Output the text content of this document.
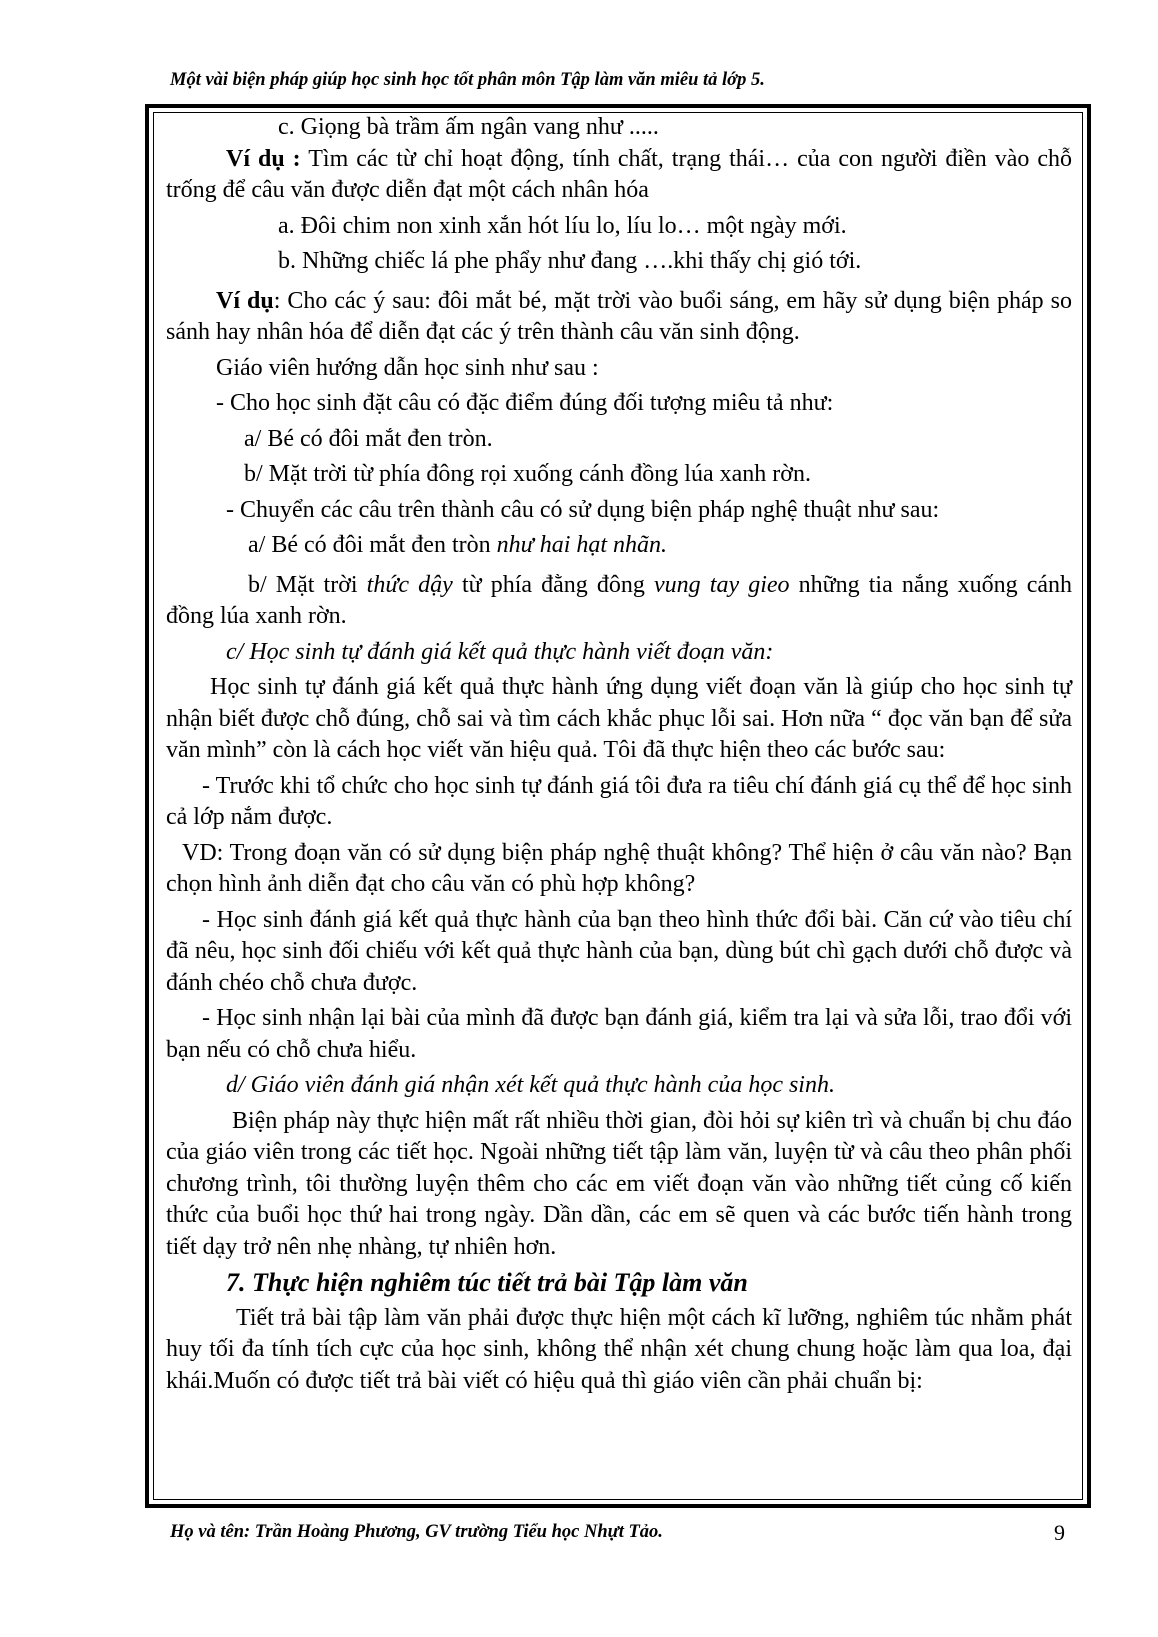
Một vài biện pháp giúp học sinh học tốt phân môn Tập làm văn miêu tả lớp 5.

c. Giọng bà trầm ấm ngân vang như .....

Ví dụ : Tìm các từ chỉ hoạt động, tính chất, trạng thái… của con người điền vào chỗ trống để câu văn được diễn đạt một cách nhân hóa

a. Đôi chim non xinh xắn hót líu lo, líu lo… một ngày mới.

b. Những chiếc lá phe phẩy như đang ….khi thấy chị gió tới.

Ví dụ: Cho các ý sau: đôi mắt bé, mặt trời vào buổi sáng, em hãy sử dụng biện pháp so sánh hay nhân hóa để diễn đạt các ý trên thành câu văn sinh động.

Giáo viên hướng dẫn học sinh như sau :

- Cho học sinh đặt câu có đặc điểm đúng đối tượng miêu tả như:

a/ Bé có đôi mắt đen tròn.

b/ Mặt trời từ phía đông rọi xuống cánh đồng lúa xanh rờn.

- Chuyển các câu trên thành câu có sử dụng biện pháp nghệ thuật như sau:

a/ Bé có đôi mắt đen tròn như hai hạt nhãn.

b/ Mặt trời thức dậy từ phía đằng đông vung tay gieo những tia nắng xuống cánh đồng lúa xanh rờn.

c/ Học sinh tự đánh giá kết quả thực hành viết đoạn văn:

Học sinh tự đánh giá kết quả thực hành ứng dụng viết đoạn văn là giúp cho học sinh tự nhận biết được chỗ đúng, chỗ sai và tìm cách khắc phục lỗi sai. Hơn nữa “ đọc văn bạn để sửa văn mình” còn là cách học viết văn hiệu quả. Tôi đã thực hiện theo các bước sau:

- Trước khi tổ chức cho học sinh tự đánh giá tôi đưa ra tiêu chí đánh giá cụ thể để học sinh cả lớp nắm được.

VD: Trong đoạn văn có sử dụng biện pháp nghệ thuật không? Thể hiện ở câu văn nào? Bạn chọn hình ảnh diễn đạt cho câu văn có phù hợp không?

- Học sinh đánh giá kết quả thực hành của bạn theo hình thức đổi bài. Căn cứ vào tiêu chí đã nêu, học sinh đối chiếu với kết quả thực hành của bạn, dùng bút chì gạch dưới chỗ được và đánh chéo chỗ chưa được.

- Học sinh nhận lại bài của mình đã được bạn đánh giá, kiểm tra lại và sửa lỗi, trao đổi với bạn nếu có chỗ chưa hiểu.

d/ Giáo viên đánh giá nhận xét kết quả thực hành của học sinh.

Biện pháp này thực hiện mất rất nhiều thời gian, đòi hỏi sự kiên trì và chuẩn bị chu đáo của giáo viên trong các tiết học. Ngoài những tiết tập làm văn, luyện từ và câu theo phân phối chương trình, tôi thường luyện thêm cho các em viết đoạn văn vào những tiết củng cố kiến thức của buổi học thứ hai trong ngày. Dần dần, các em sẽ quen và các bước tiến hành trong tiết dạy trở nên nhẹ nhàng, tự nhiên hơn.

7. Thực hiện nghiêm túc tiết trả bài Tập làm văn

Tiết trả bài tập làm văn phải được thực hiện một cách kĩ lưỡng, nghiêm túc nhằm phát huy tối đa tính tích cực của học sinh, không thể nhận xét chung chung hoặc làm qua loa, đại khái.Muốn có được tiết trả bài viết có hiệu quả thì giáo viên cần phải chuẩn bị:

Họ và tên: Trần Hoàng Phương, GV trường Tiểu học Nhựt Tảo.	9
